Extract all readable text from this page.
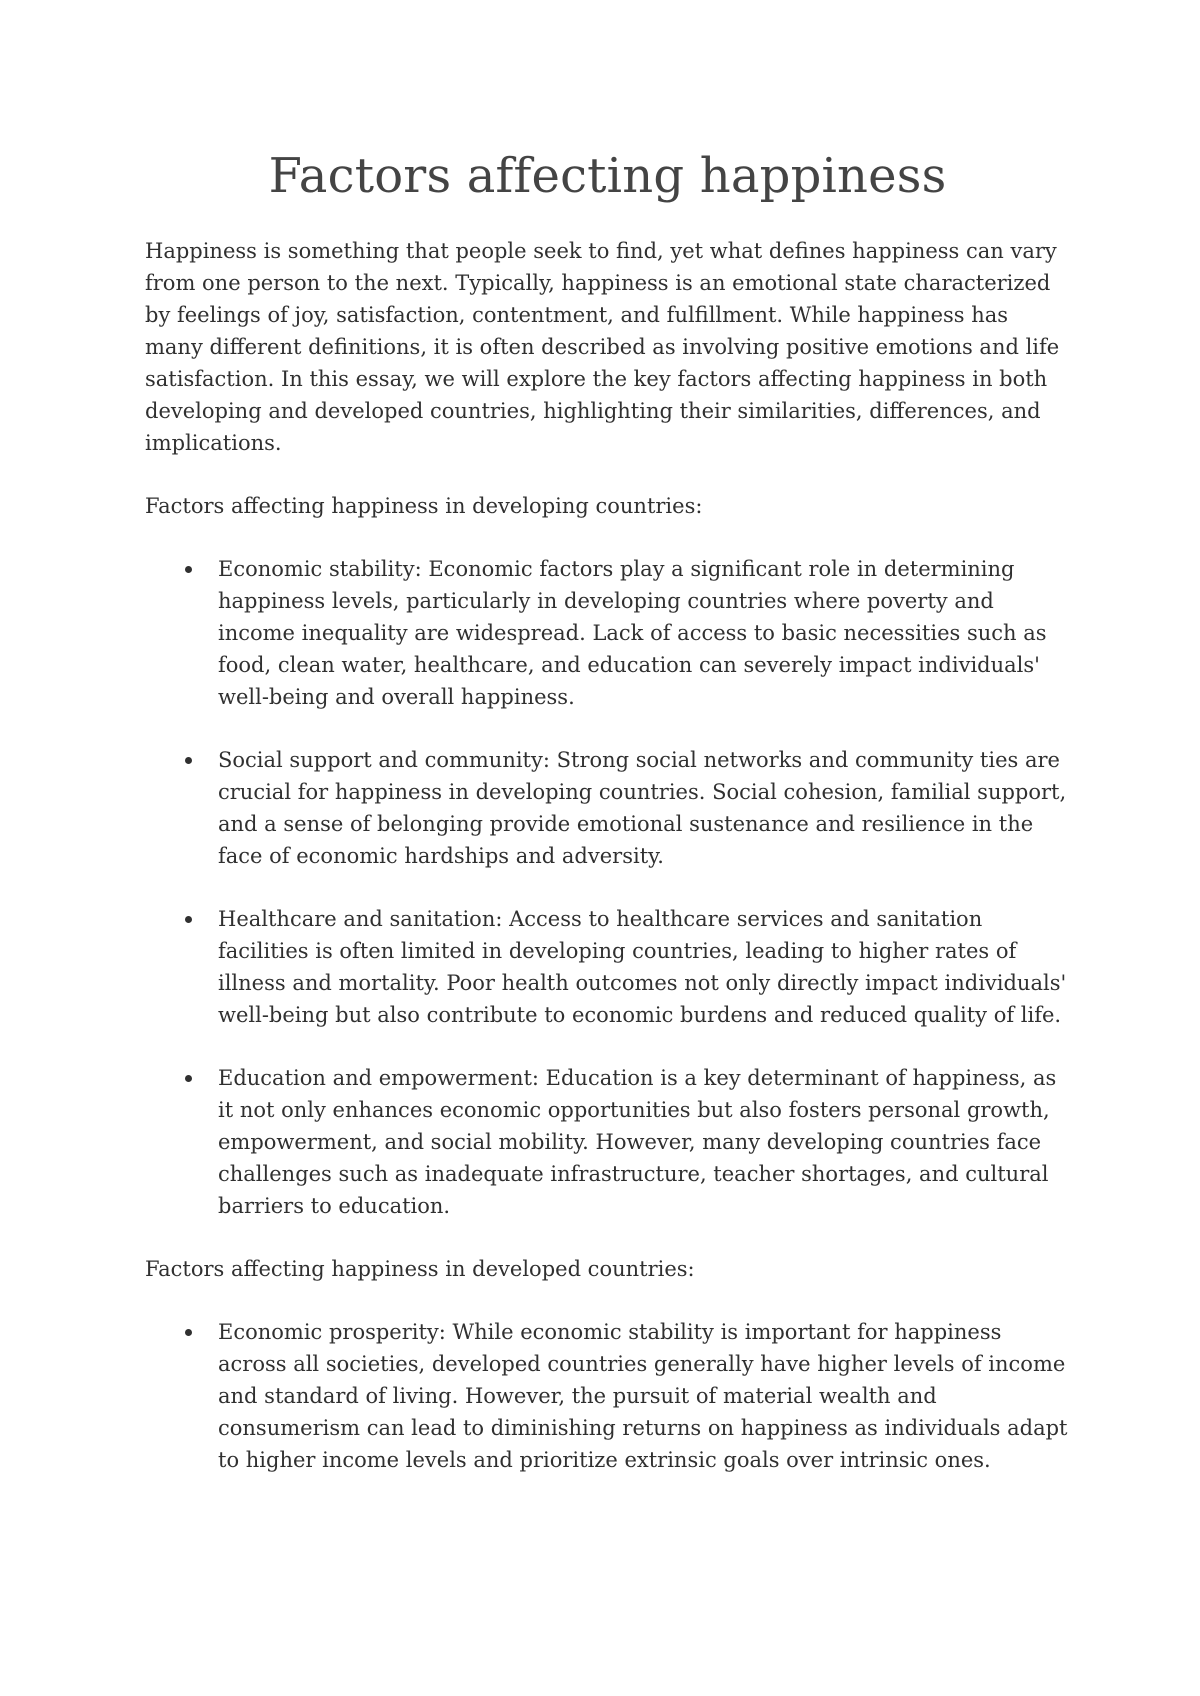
Factors affecting happiness

Happiness is something that people seek to find, yet what defines happiness can vary from one person to the next. Typically, happiness is an emotional state characterized by feelings of joy, satisfaction, contentment, and fulfillment. While happiness has many different definitions, it is often described as involving positive emotions and life satisfaction. In this essay, we will explore the key factors affecting happiness in both developing and developed countries, highlighting their similarities, differences, and implications.

Factors affecting happiness in developing countries:

Economic stability: Economic factors play a significant role in determining happiness levels, particularly in developing countries where poverty and income inequality are widespread. Lack of access to basic necessities such as food, clean water, healthcare, and education can severely impact individuals' well-being and overall happiness.
Social support and community: Strong social networks and community ties are crucial for happiness in developing countries. Social cohesion, familial support, and a sense of belonging provide emotional sustenance and resilience in the face of economic hardships and adversity.
Healthcare and sanitation: Access to healthcare services and sanitation facilities is often limited in developing countries, leading to higher rates of illness and mortality. Poor health outcomes not only directly impact individuals' well-being but also contribute to economic burdens and reduced quality of life.
Education and empowerment: Education is a key determinant of happiness, as it not only enhances economic opportunities but also fosters personal growth, empowerment, and social mobility. However, many developing countries face challenges such as inadequate infrastructure, teacher shortages, and cultural barriers to education.

Factors affecting happiness in developed countries:

Economic prosperity: While economic stability is important for happiness across all societies, developed countries generally have higher levels of income and standard of living. However, the pursuit of material wealth and consumerism can lead to diminishing returns on happiness as individuals adapt to higher income levels and prioritize extrinsic goals over intrinsic ones.
